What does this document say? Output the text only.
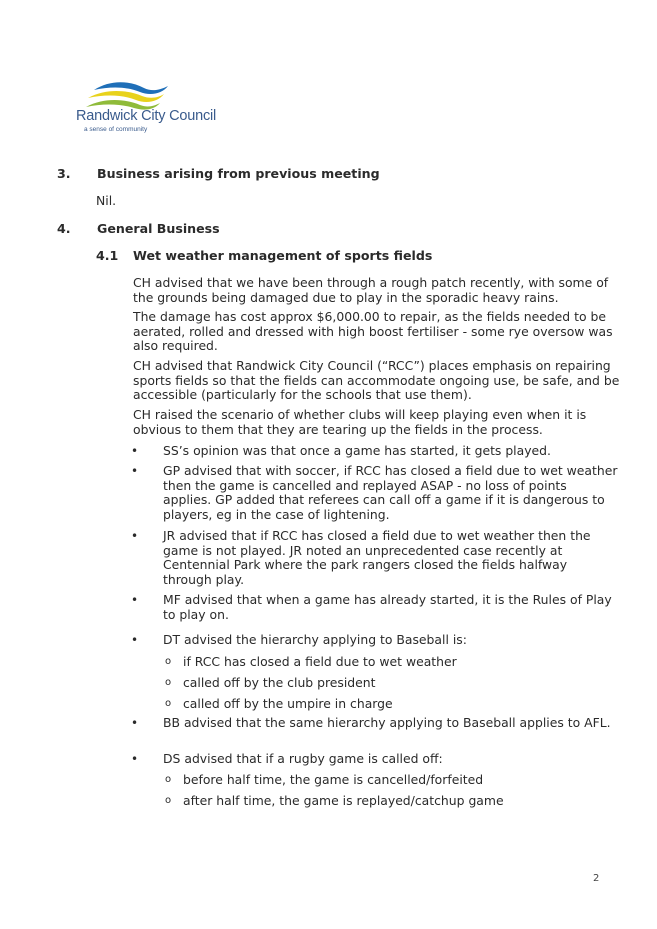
Randwick City Council
a sense of community
3. Business arising from previous meeting
Nil.
4. General Business
4.1 Wet weather management of sports fields
CH advised that we have been through a rough patch recently, with some of the grounds being damaged due to play in the sporadic heavy rains.
The damage has cost approx $6,000.00 to repair, as the fields needed to be aerated, rolled and dressed with high boost fertiliser - some rye oversow was also required.
CH advised that Randwick City Council (“RCC”) places emphasis on repairing sports fields so that the fields can accommodate ongoing use, be safe, and be accessible (particularly for the schools that use them).
CH raised the scenario of whether clubs will keep playing even when it is obvious to them that they are tearing up the fields in the process.
• SS’s opinion was that once a game has started, it gets played.
• GP advised that with soccer, if RCC has closed a field due to wet weather then the game is cancelled and replayed ASAP - no loss of points applies. GP added that referees can call off a game if it is dangerous to players, eg in the case of lightening.
• JR advised that if RCC has closed a field due to wet weather then the game is not played. JR noted an unprecedented case recently at Centennial Park where the park rangers closed the fields halfway through play.
• MF advised that when a game has already started, it is the Rules of Play to play on.
• DT advised the hierarchy applying to Baseball is:
o if RCC has closed a field due to wet weather
o called off by the club president
o called off by the umpire in charge
• BB advised that the same hierarchy applying to Baseball applies to AFL.
• DS advised that if a rugby game is called off:
o before half time, the game is cancelled/forfeited
o after half time, the game is replayed/catchup game
2
